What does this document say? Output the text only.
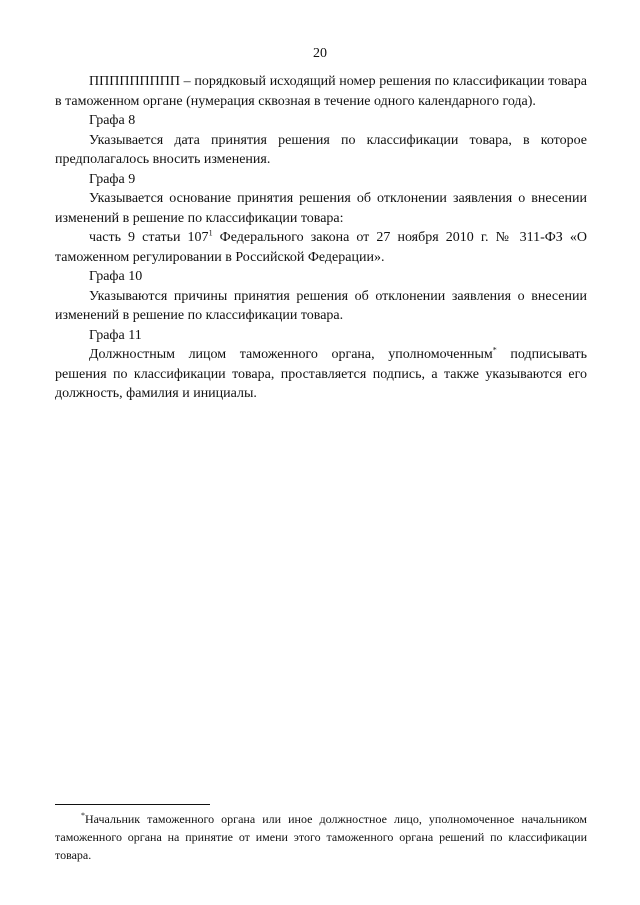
20

ППППППППП – порядковый исходящий номер решения по классификации товара в таможенном органе (нумерация сквозная в течение одного календарного года).

Графа 8

Указывается дата принятия решения по классификации товара, в которое предполагалось вносить изменения.

Графа 9

Указывается основание принятия решения об отклонении заявления о внесении изменений в решение по классификации товара:

часть 9 статьи $107^1$ Федерального закона от 27 ноября 2010 г. № 311-ФЗ «О таможенном регулировании в Российской Федерации».

Графа 10

Указываются причины принятия решения об отклонении заявления о внесении изменений в решение по классификации товара.

Графа 11

Должностным лицом таможенного органа, уполномоченным* подписывать решения по классификации товара, проставляется подпись, а также указываются его должность, фамилия и инициалы.

*Начальник таможенного органа или иное должностное лицо, уполномоченное начальником таможенного органа на принятие от имени этого таможенного органа решений по классификации товара.
